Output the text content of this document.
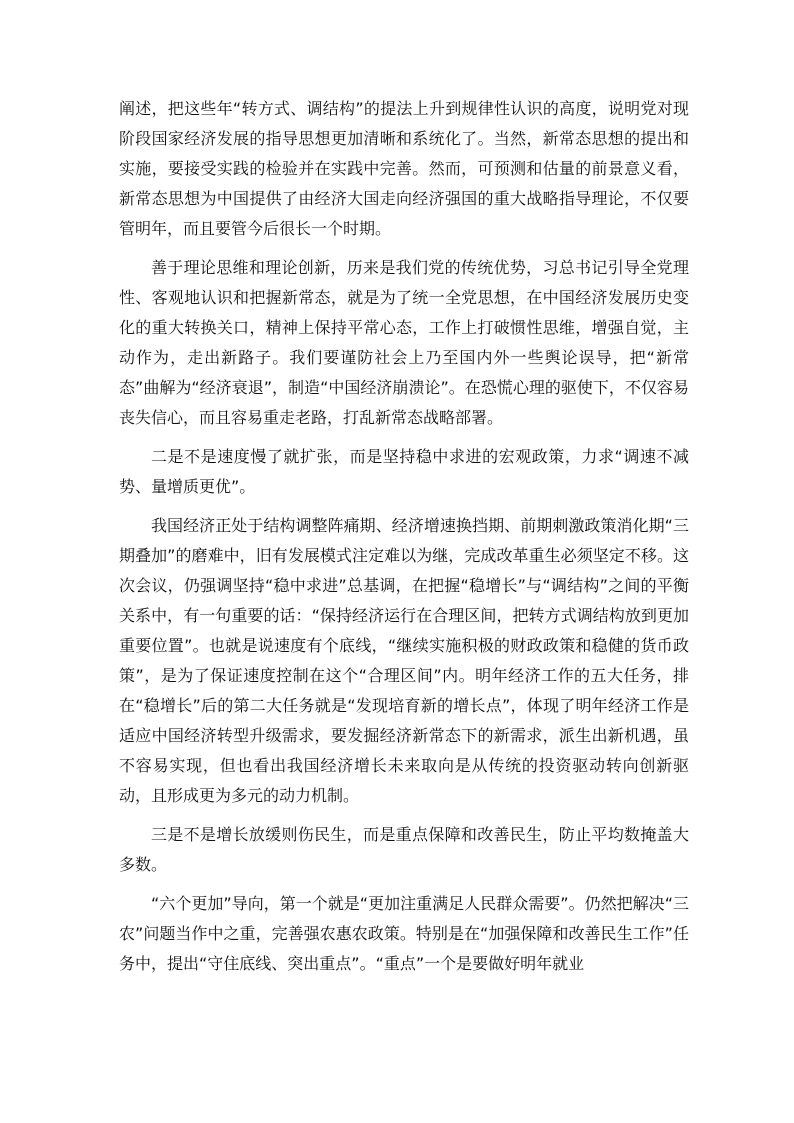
阐述，把这些年“转方式、调结构”的提法上升到规律性认识的高度，说明党对现阶段国家经济发展的指导思想更加清晰和系统化了。当然，新常态思想的提出和实施，要接受实践的检验并在实践中完善。然而，可预测和估量的前景意义看，新常态思想为中国提供了由经济大国走向经济强国的重大战略指导理论，不仅要管明年，而且要管今后很长一个时期。

善于理论思维和理论创新，历来是我们党的传统优势，习总书记引导全党理性、客观地认识和把握新常态，就是为了统一全党思想，在中国经济发展历史变化的重大转换关口，精神上保持平常心态，工作上打破惯性思维，增强自觉，主动作为，走出新路子。我们要谨防社会上乃至国内外一些舆论误导，把“新常态”曲解为“经济衰退”，制造“中国经济崩溃论”。在恐慌心理的驱使下，不仅容易丧失信心，而且容易重走老路，打乱新常态战略部署。

二是不是速度慢了就扩张，而是坚持稳中求进的宏观政策，力求“调速不减势、量增质更优”。

我国经济正处于结构调整阵痛期、经济增速换挡期、前期刺激政策消化期“三期叠加”的磨难中，旧有发展模式注定难以为继，完成改革重生必须坚定不移。这次会议，仍强调坚持“稳中求进”总基调，在把握“稳增长”与“调结构”之间的平衡关系中，有一句重要的话：“保持经济运行在合理区间，把转方式调结构放到更加重要位置”。也就是说速度有个底线，“继续实施积极的财政政策和稳健的货币政策”，是为了保证速度控制在这个“合理区间”内。明年经济工作的五大任务，排在“稳增长”后的第二大任务就是“发现培育新的增长点”，体现了明年经济工作是适应中国经济转型升级需求，要发掘经济新常态下的新需求，派生出新机遇，虽不容易实现，但也看出我国经济增长未来取向是从传统的投资驱动转向创新驱动，且形成更为多元的动力机制。

三是不是增长放缓则伤民生，而是重点保障和改善民生，防止平均数掩盖大多数。

“六个更加”导向，第一个就是“更加注重满足人民群众需要”。仍然把解决“三农”问题当作中之重，完善强农惠农政策。特别是在“加强保障和改善民生工作”任务中，提出“守住底线、突出重点”。“重点”一个是要做好明年就业
